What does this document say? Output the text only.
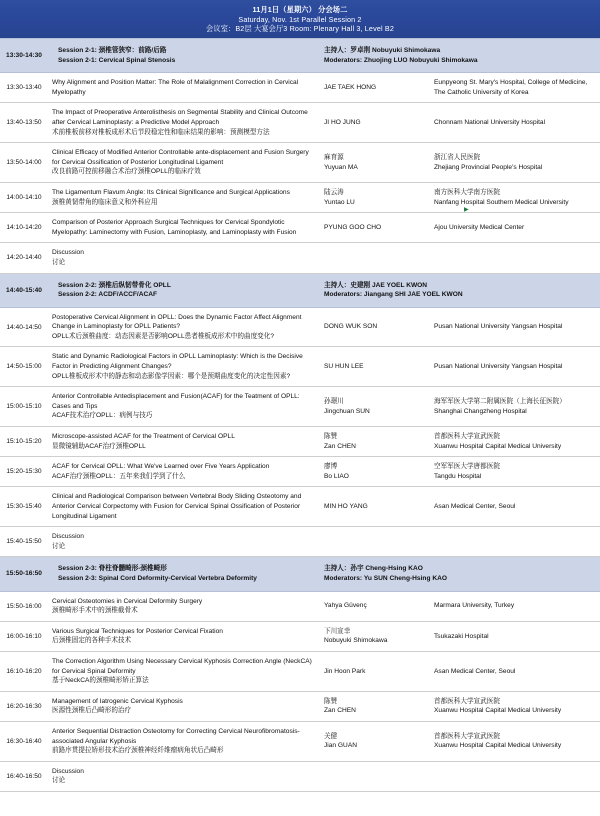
11月1日（星期六） 分会场二
Saturday, Nov. 1st Parallel Session 2
会议室：B2层 大宴会厅3 Room: Plenary Hall 3, Level B2
13:30-14:30	Session 2-1: 颈椎管狭窄：前路/后路
Session 2-1: Cervical Spinal Stenosis	主持人：罗卓荆 Nobuyuki Shimokawa
Moderators: Zhuojing LUO Nobuyuki Shimokawa	

13:30-13:40	Why Alignment and Position Matter: The Role of Malalignment Correction in Cervical Myelopathy	JAE TAEK HONG	Eunpyeong St. Mary's Hospital, College of Medicine, The Catholic University of Korea

13:40-13:50	The Impact of Preoperative Anterolisthesis on Segmental Stability and Clinical Outcome after Cervical Laminoplasty: a Predictive Model Approach
术前椎板前移对椎板成形术后节段稳定性和临床结果的影响：预测模型方法	JI HO JUNG	Chonnam National University Hospital

13:50-14:00	Clinical Efficacy of Modified Anterior Controllable ante-displacement and Fusion Surgery for Cervical Ossification of Posterior Longitudinal Ligament
改良前路可控前移融合术治疗颈椎OPLL的临床疗效	麻育源
Yuyuan MA	浙江省人民医院
Zhejiang Provincial People's Hospital

14:00-14:10	The Ligamentum Flavum Angle: Its Clinical Significance and Surgical Applications
颈椎黄韧带角的临床意义和外科应用	陆云涛
Yuntao LU	南方医科大学南方医院
Nanfang Hospital Southern Medical University

14:10-14:20	Comparison of Posterior Approach Surgical Techniques for Cervical Spondylotic Myelopathy: Laminectomy with Fusion, Laminoplasty, and Laminoplasty with Fusion	PYUNG GOO CHO	Ajou University Medical Center

14:20-14:40	Discussion
讨论		

14:40-15:40	Session 2-2: 颈椎后纵韧带骨化 OPLL
Session 2-2: ACDF/ACCF/ACAF	主持人：史建刚 JAE YOEL KWON
Moderators: Jiangang SHI JAE YOEL KWON	

14:40-14:50	Postoperative Cervical Alignment in OPLL: Does the Dynamic Factor Affect Alignment Change in Laminoplasty for OPLL Patients?
OPLL术后颈椎曲度：动态因素是否影响OPLL患者椎板成形术中的曲度变化?	DONG WUK SON	Pusan National University Yangsan Hospital

14:50-15:00	Static and Dynamic Radiological Factors in OPLL Laminoplasty: Which is the Decisive Factor in Predicting Alignment Changes?
OPLL椎板成形术中的静态和动态影像学因素：哪个是预期曲度变化的决定性因素?	SU HUN LEE	Pusan National University Yangsan Hospital

15:00-15:10	Anterior Controllable Antedisplacement and Fusion(ACAF) for the Teatment of OPLL: Cases and Tips
ACAF技术治疗OPLL：病例与技巧	孙璟川
Jingchuan SUN	海军军医大学第二附属医院（上海长征医院）
Shanghai Changzheng Hospital

15:10-15:20	Microscope-assisted ACAF for the Treatment of Cervical OPLL
显微镜辅助ACAF治疗颈椎OPLL	陈赞
Zan CHEN	首都医科大学宣武医院
Xuanwu Hospital Capital Medical University

15:20-15:30	ACAF for Cervical OPLL: What We've Learned over Five Years Application
ACAF治疗颈椎OPLL：五年来我们学到了什么	廖博
Bo LIAO	空军军医大学唐都医院
Tangdu Hospital

15:30-15:40	Clinical and Radiological Comparison between Vertebral Body Sliding Osteotomy and Anterior Cervical Corpectomy with Fusion for Cervical Spinal Ossification of Posterior Longitudinal Ligament	MIN HO YANG	Asan Medical Center, Seoul

15:40-15:50	Discussion
讨论		

15:50-16:50	Session 2-3: 脊柱脊髓畸形-颈椎畸形
Session 2-3: Spinal Cord Deformity-Cervical Vertebra Deformity	主持人：孙宇 Cheng-Hsing KAO
Moderators: Yu SUN Cheng-Hsing KAO	

15:50-16:00	Cervical Osteotomies in Cervical Deformity Surgery
颈椎畸形手术中的颈椎截骨术	Yahya Güvenç	Marmara University, Turkey

16:00-16:10	Various Surgical Techniques for Posterior Cervical Fixation
后颈椎固定的各种手术技术	下川宣幸
Nobuyuki Shimokawa	Tsukazaki Hospital

16:10-16:20	The Correction Algorithm Using Necessary Cervical Kyphosis Correction Angle (NeckCA) for Cervical Spinal Deformity
基于NeckCA的颈椎畸形矫正算法	Jin Hoon Park	Asan Medical Center, Seoul

16:20-16:30	Management of Iatrogenic Cervical Kyphosis
医源性颈椎后凸畸形的治疗	陈赞
Zan CHEN	首都医科大学宣武医院
Xuanwu Hospital Capital Medical University

16:30-16:40	Anterior Sequential Distraction Osteotomy for Correcting Cervical Neurofibromatosis-associated Angular Kyphosis
前路序贯提拉矫形技术治疗颈椎神经纤维瘤病角状后凸畸形	关健
Jian GUAN	首都医科大学宣武医院
Xuanwu Hospital Capital Medical University

16:40-16:50	Discussion
讨论		

▶
